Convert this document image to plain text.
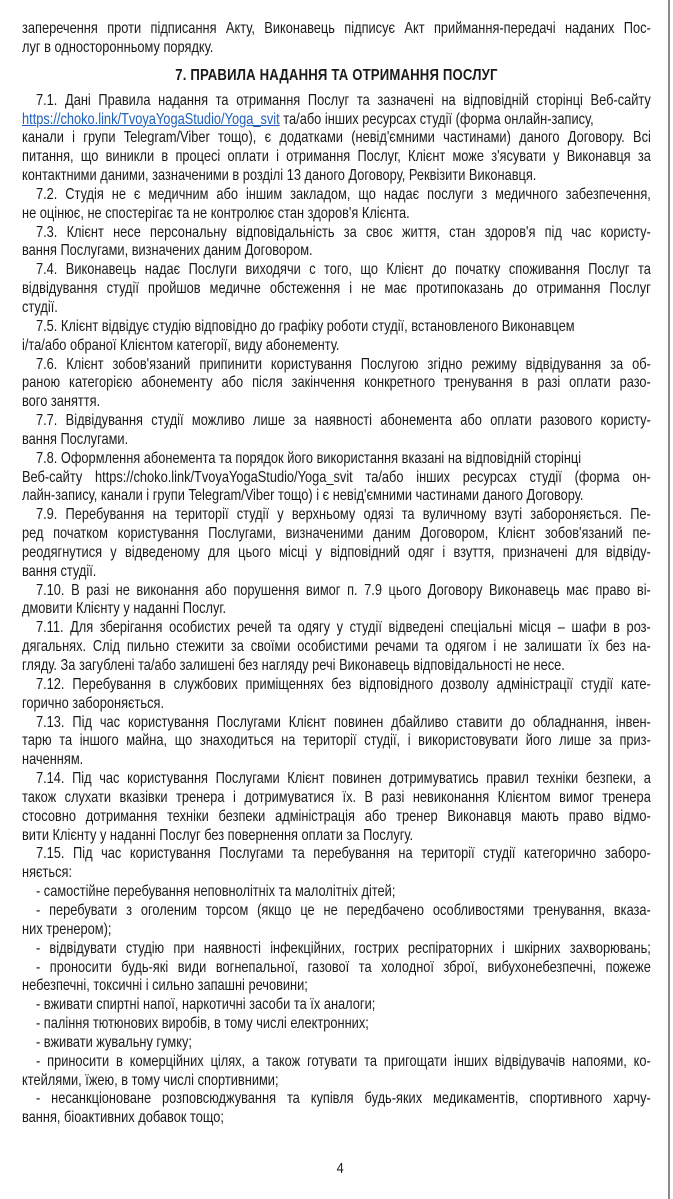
заперечення проти підписання Акту, Виконавець підписує Акт приймання-передачі наданих Пос-
луг в односторонньому порядку.
7. ПРАВИЛА НАДАННЯ ТА ОТРИМАННЯ ПОСЛУГ
7.1. Дані Правила надання та отримання Послуг та зазначені на відповідній сторінці Веб-сайту
https://choko.link/TvoyaYogaStudio/Yoga_svit та/або інших ресурсах студії (форма онлайн-запису,
канали і групи Telegram/Viber тощо), є додатками (невід'ємними частинами) даного Договору. Всі
питання, що виникли в процесі оплати і отримання Послуг, Клієнт може з'ясувати у Виконавця за
контактними даними, зазначеними в розділі 13 даного Договору, Реквізити Виконавця.
7.2. Студія не є медичним або іншим закладом, що надає послуги з медичного забезпечення,
не оцінює, не спостерігає та не контролює стан здоров'я Клієнта.
7.3. Клієнт несе персональну відповідальність за своє життя, стан здоров'я під час користу-
вання Послугами, визначених даним Договором.
7.4. Виконавець надає Послуги виходячи с того, що Клієнт до початку споживання Послуг та
відвідування студії пройшов медичне обстеження і не має протипоказань до отримання Послуг
студії.
7.5. Клієнт відвідує студію відповідно до графіку роботи студії, встановленого Виконавцем
і/та/або обраної Клієнтом категорії, виду абонементу.
7.6. Клієнт зобов'язаний припинити користування Послугою згідно режиму відвідування за об-
раною категорією абонементу або після закінчення конкретного тренування в разі оплати разо-
вого заняття.
7.7. Відвідування студії можливо лише за наявності абонемента або оплати разового користу-
вання Послугами.
7.8. Оформлення абонемента та порядок його використання вказані на відповідній сторінці
Веб-сайту https://choko.link/TvoyaYogaStudio/Yoga_svit та/або інших ресурсах студії (форма он-
лайн-запису, канали і групи Telegram/Viber тощо) і є невід'ємними частинами даного Договору.
7.9. Перебування на території студії у верхньому одязі та вуличному взуті забороняється. Пе-
ред початком користування Послугами, визначеними даним Договором, Клієнт зобов'язаний пе-
реодягнутися у відведеному для цього місці у відповідний одяг і взуття, призначені для відвіду-
вання студії.
7.10. В разі не виконання або порушення вимог п. 7.9 цього Договору Виконавець має право ві-
дмовити Клієнту у наданні Послуг.
7.11. Для зберігання особистих речей та одягу у студії відведені спеціальні місця – шафи в роз-
дягальнях. Слід пильно стежити за своїми особистими речами та одягом і не залишати їх без на-
гляду. За загублені та/або залишені без нагляду речі Виконавець відповідальності не несе.
7.12. Перебування в службових приміщеннях без відповідного дозволу адміністрації студії кате-
горично забороняється.
7.13. Під час користування Послугами Клієнт повинен дбайливо ставити до обладнання, інвен-
тарю та іншого майна, що знаходиться на території студії, і використовувати його лише за приз-
наченням.
7.14. Під час користування Послугами Клієнт повинен дотримуватись правил техніки безпеки, а
також слухати вказівки тренера і дотримуватися їх. В разі невиконання Клієнтом вимог тренера
стосовно дотримання техніки безпеки адміністрація або тренер Виконавця мають право відмо-
вити Клієнту у наданні Послуг без повернення оплати за Послугу.
7.15. Під час користування Послугами та перебування на території студії категорично заборо-
няється:
- самостійне перебування неповнолітніх та малолітніх дітей;
- перебувати з оголеним торсом (якщо це не передбачено особливостями тренування, вказа-
них тренером);
- відвідувати студію при наявності інфекційних, гострих респіраторних і шкірних захворювань;
- проносити будь-які види вогнепальної, газової та холодної зброї, вибухонебезпечні, пожеже
небезпечні, токсичні і сильно запашні речовини;
- вживати спиртні напої, наркотичні засоби та їх аналоги;
- паління тютюнових виробів, в тому числі електронних;
- вживати жувальну гумку;
- приносити в комерційних цілях, а також готувати та пригощати інших відвідувачів напоями, ко-
ктейлями, їжею, в тому числі спортивними;
- несанкціоноване розповсюджування та купівля будь-яких медикаментів, спортивного харчу-
вання, біоактивних добавок тощо;
4
